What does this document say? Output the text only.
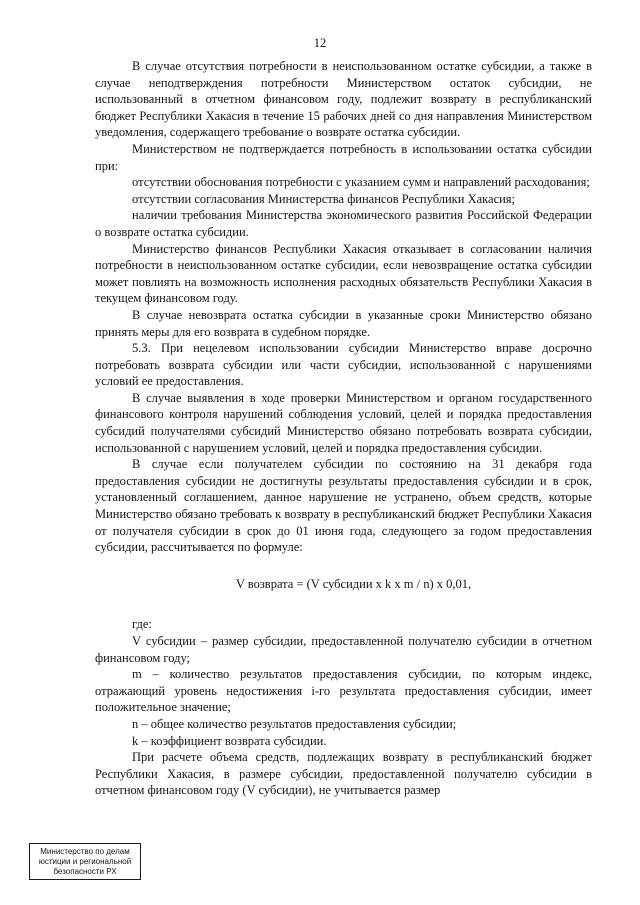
12

В случае отсутствия потребности в неиспользованном остатке субсидии, а также в случае неподтверждения потребности Министерством остаток субсидии, не использованный в отчетном финансовом году, подлежит возврату в республиканский бюджет Республики Хакасия в течение 15 рабочих дней со дня направления Министерством уведомления, содержащего требование о возврате остатка субсидии.

Министерством не подтверждается потребность в использовании остатка субсидии при:

отсутствии обоснования потребности с указанием сумм и направлений расходования;

отсутствии согласования Министерства финансов Республики Хакасия;

наличии требования Министерства экономического развития Российской Федерации о возврате остатка субсидии.

Министерство финансов Республики Хакасия отказывает в согласовании наличия потребности в неиспользованном остатке субсидии, если невозвращение остатка субсидии может повлиять на возможность исполнения расходных обязательств Республики Хакасия в текущем финансовом году.

В случае невозврата остатка субсидии в указанные сроки Министерство обязано принять меры для его возврата в судебном порядке.

5.3. При нецелевом использовании субсидии Министерство вправе досрочно потребовать возврата субсидии или части субсидии, использованной с нарушениями условий ее предоставления.

В случае выявления в ходе проверки Министерством и органом государственного финансового контроля нарушений соблюдения условий, целей и порядка предоставления субсидий получателями субсидий Министерство обязано потребовать возврата субсидии, использованной с нарушением условий, целей и порядка предоставления субсидии.

В случае если получателем субсидии по состоянию на 31 декабря года предоставления субсидии не достигнуты результаты предоставления субсидии и в срок, установленный соглашением, данное нарушение не устранено, объем средств, которые Министерство обязано требовать к возврату в республиканский бюджет Республики Хакасия от получателя субсидии в срок до 01 июня года, следующего за годом предоставления субсидии, рассчитывается по формуле:

V возврата = (V субсидии x k x m / n) x 0,01,

где:

V субсидии – размер субсидии, предоставленной получателю субсидии в отчетном финансовом году;

m – количество результатов предоставления субсидии, по которым индекс, отражающий уровень недостижения i-го результата предоставления субсидии, имеет положительное значение;

n – общее количество результатов предоставления субсидии;

k – коэффициент возврата субсидии.

При расчете объема средств, подлежащих возврату в республиканский бюджет Республики Хакасия, в размере субсидии, предоставленной получателю субсидии в отчетном финансовом году (V субсидии), не учитывается размер

Министерство по делам
юстиции и региональной
безопасности РХ
